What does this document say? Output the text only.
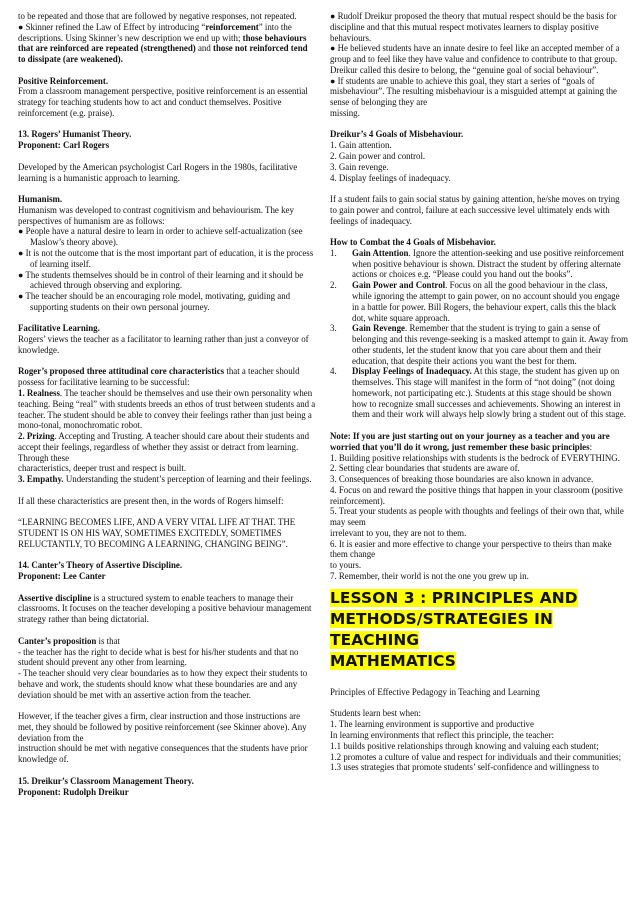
to be repeated and those that are followed by negative responses, not repeated.

● Skinner refined the Law of Effect by introducing “reinforcement” into the descriptions. Using Skinner’s new description we end up with; those behaviours that are reinforced are repeated (strengthened) and those not reinforced tend to dissipate (are weakened).

Positive Reinforcement.

From a classroom management perspective, positive reinforcement is an essential strategy for teaching students how to act and conduct themselves. Positive reinforcement (e.g. praise).

13. Rogers’ Humanist Theory.

Proponent: Carl Rogers

Developed by the American psychologist Carl Rogers in the 1980s, facilitative learning is a humanistic approach to learning.

Humanism.

Humanism was developed to contrast cognitivism and behaviourism. The key perspectives of humanism are as follows:

● People have a natural desire to learn in order to achieve self-actualization (see Maslow’s theory above).

● It is not the outcome that is the most important part of education, it is the process of learning itself.

● The students themselves should be in control of their learning and it should be achieved through observing and exploring.

● The teacher should be an encouraging role model, motivating, guiding and supporting students on their own personal journey.

Facilitative Learning.

Rogers’ views the teacher as a facilitator to learning rather than just a conveyor of knowledge.

Roger’s proposed three attitudinal core characteristics that a teacher should possess for facilitative learning to be successful:

1. Realness. The teacher should be themselves and use their own personality when teaching. Being “real” with students breeds an ethos of trust between students and a teacher. The student should be able to convey their feelings rather than just being a mono-tonal, monochromatic robot.

2. Prizing. Accepting and Trusting. A teacher should care about their students and accept their feelings, regardless of whether they assist or detract from learning. Through these

characteristics, deeper trust and respect is built.

3. Empathy. Understanding the student’s perception of learning and their feelings.

If all these characteristics are present then, in the words of Rogers himself:

“LEARNING BECOMES LIFE, AND A VERY VITAL LIFE AT THAT. THE STUDENT IS ON HIS WAY, SOMETIMES EXCITEDLY, SOMETIMES RELUCTANTLY, TO BECOMING A LEARNING, CHANGING BEING”.

14. Canter’s Theory of Assertive Discipline.

Proponent: Lee Canter

Assertive discipline is a structured system to enable teachers to manage their classrooms. It focuses on the teacher developing a positive behaviour management strategy rather than being dictatorial.

Canter’s proposition is that

- the teacher has the right to decide what is best for his/her students and that no student should prevent any other from learning.

- The teacher should very clear boundaries as to how they expect their students to behave and work, the students should know what these boundaries are and any deviation should be met with an assertive action from the teacher.

However, if the teacher gives a firm, clear instruction and those instructions are met, they should be followed by positive reinforcement (see Skinner above). Any deviation from the

instruction should be met with negative consequences that the students have prior knowledge of.

15. Dreikur’s Classroom Management Theory.

Proponent: Rudolph Dreikur

● Rudolf Dreikur proposed the theory that mutual respect should be the basis for discipline and that this mutual respect motivates learners to display positive behaviours.

● He believed students have an innate desire to feel like an accepted member of a group and to feel like they have value and confidence to contribute to that group. Dreikur called this desire to belong, the “genuine goal of social behaviour”.

● If students are unable to achieve this goal, they start a series of “goals of misbehaviour”. The resulting misbehaviour is a misguided attempt at gaining the sense of belonging they are

missing.

Dreikur’s 4 Goals of Misbehaviour.

1. Gain attention.

2. Gain power and control.

3. Gain revenge.

4. Display feelings of inadequacy.

If a student fails to gain social status by gaining attention, he/she moves on trying to gain power and control, failure at each successive level ultimately ends with feelings of inadequacy.

How to Combat the 4 Goals of Misbehavior.

1.	Gain Attention. Ignore the attention-seeking and use positive reinforcement when positive behaviour is shown. Distract the student by offering alternate actions or choices e.g. “Please could you hand out the books”.
2.	Gain Power and Control. Focus on all the good behaviour in the class, while ignoring the attempt to gain power, on no account should you engage in a battle for power. Bill Rogers, the behaviour expert, calls this the black dot, white square approach.
3.	Gain Revenge. Remember that the student is trying to gain a sense of belonging and this revenge-seeking is a masked attempt to gain it. Away from other students, let the student know that you care about them and their education, that despite their actions you want the best for them.
4.	Display Feelings of Inadequacy. At this stage, the student has given up on themselves. This stage will manifest in the form of “not doing” (not doing homework, not participating etc.). Students at this stage should be shown how to recognize small successes and achievements. Showing an interest in them and their work will always help slowly bring a student out of this stage.

Note: If you are just starting out on your journey as a teacher and you are worried that you’ll do it wrong, just remember these basic principles:

1. Building positive relationships with students is the bedrock of EVERYTHING.

2. Setting clear boundaries that students are aware of.

3. Consequences of breaking those boundaries are also known in advance.

4. Focus on and reward the positive things that happen in your classroom (positive

reinforcement).

5. Treat your students as people with thoughts and feelings of their own that, while may seem

irrelevant to you, they are not to them.

6. It is easier and more effective to change your perspective to theirs than make them change

to yours.

7. Remember, their world is not the one you grew up in.

LESSON 3 : PRINCIPLES AND
METHODS/STRATEGIES IN TEACHING
MATHEMATICS

Principles of Effective Pedagogy in Teaching and Learning

Students learn best when:

1. The learning environment is supportive and productive

In learning environments that reflect this principle, the teacher:

1.1 builds positive relationships through knowing and valuing each student;

1.2 promotes a culture of value and respect for individuals and their communities;

1.3 uses strategies that promote students’ self-confidence and willingness to
